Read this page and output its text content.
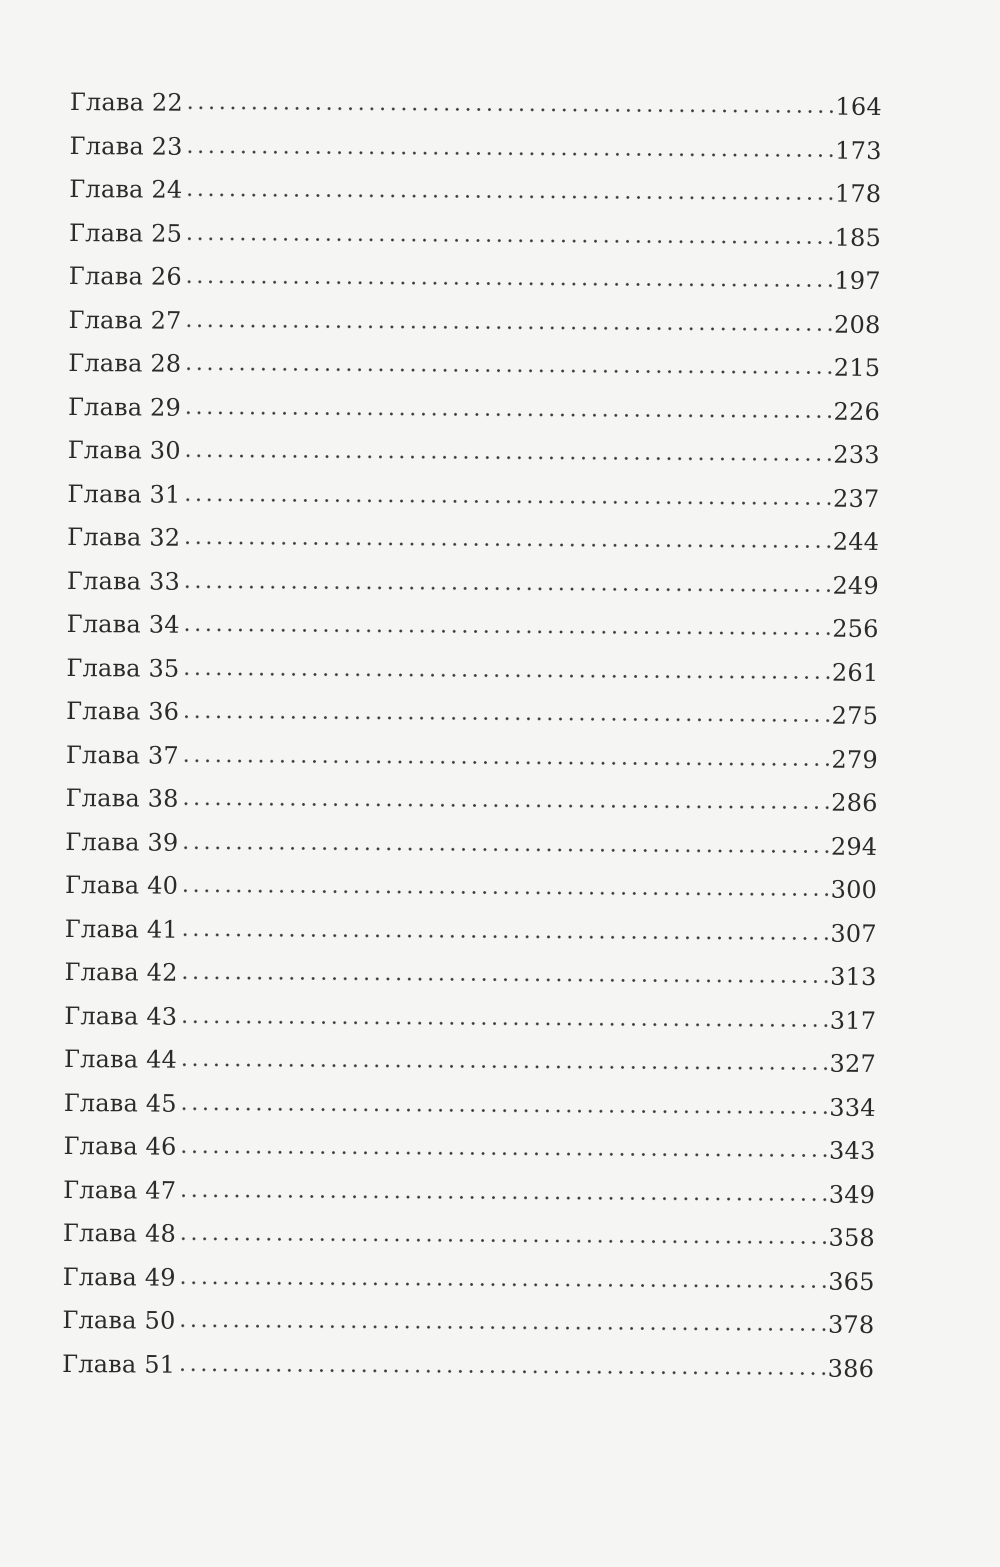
Глава 22	164
Глава 23	173
Глава 24	178
Глава 25	185
Глава 26	197
Глава 27	208
Глава 28	215
Глава 29	226
Глава 30	233
Глава 31	237
Глава 32	244
Глава 33	249
Глава 34	256
Глава 35	261
Глава 36	275
Глава 37	279
Глава 38	286
Глава 39	294
Глава 40	300
Глава 41	307
Глава 42	313
Глава 43	317
Глава 44	327
Глава 45	334
Глава 46	343
Глава 47	349
Глава 48	358
Глава 49	365
Глава 50	378
Глава 51	386
